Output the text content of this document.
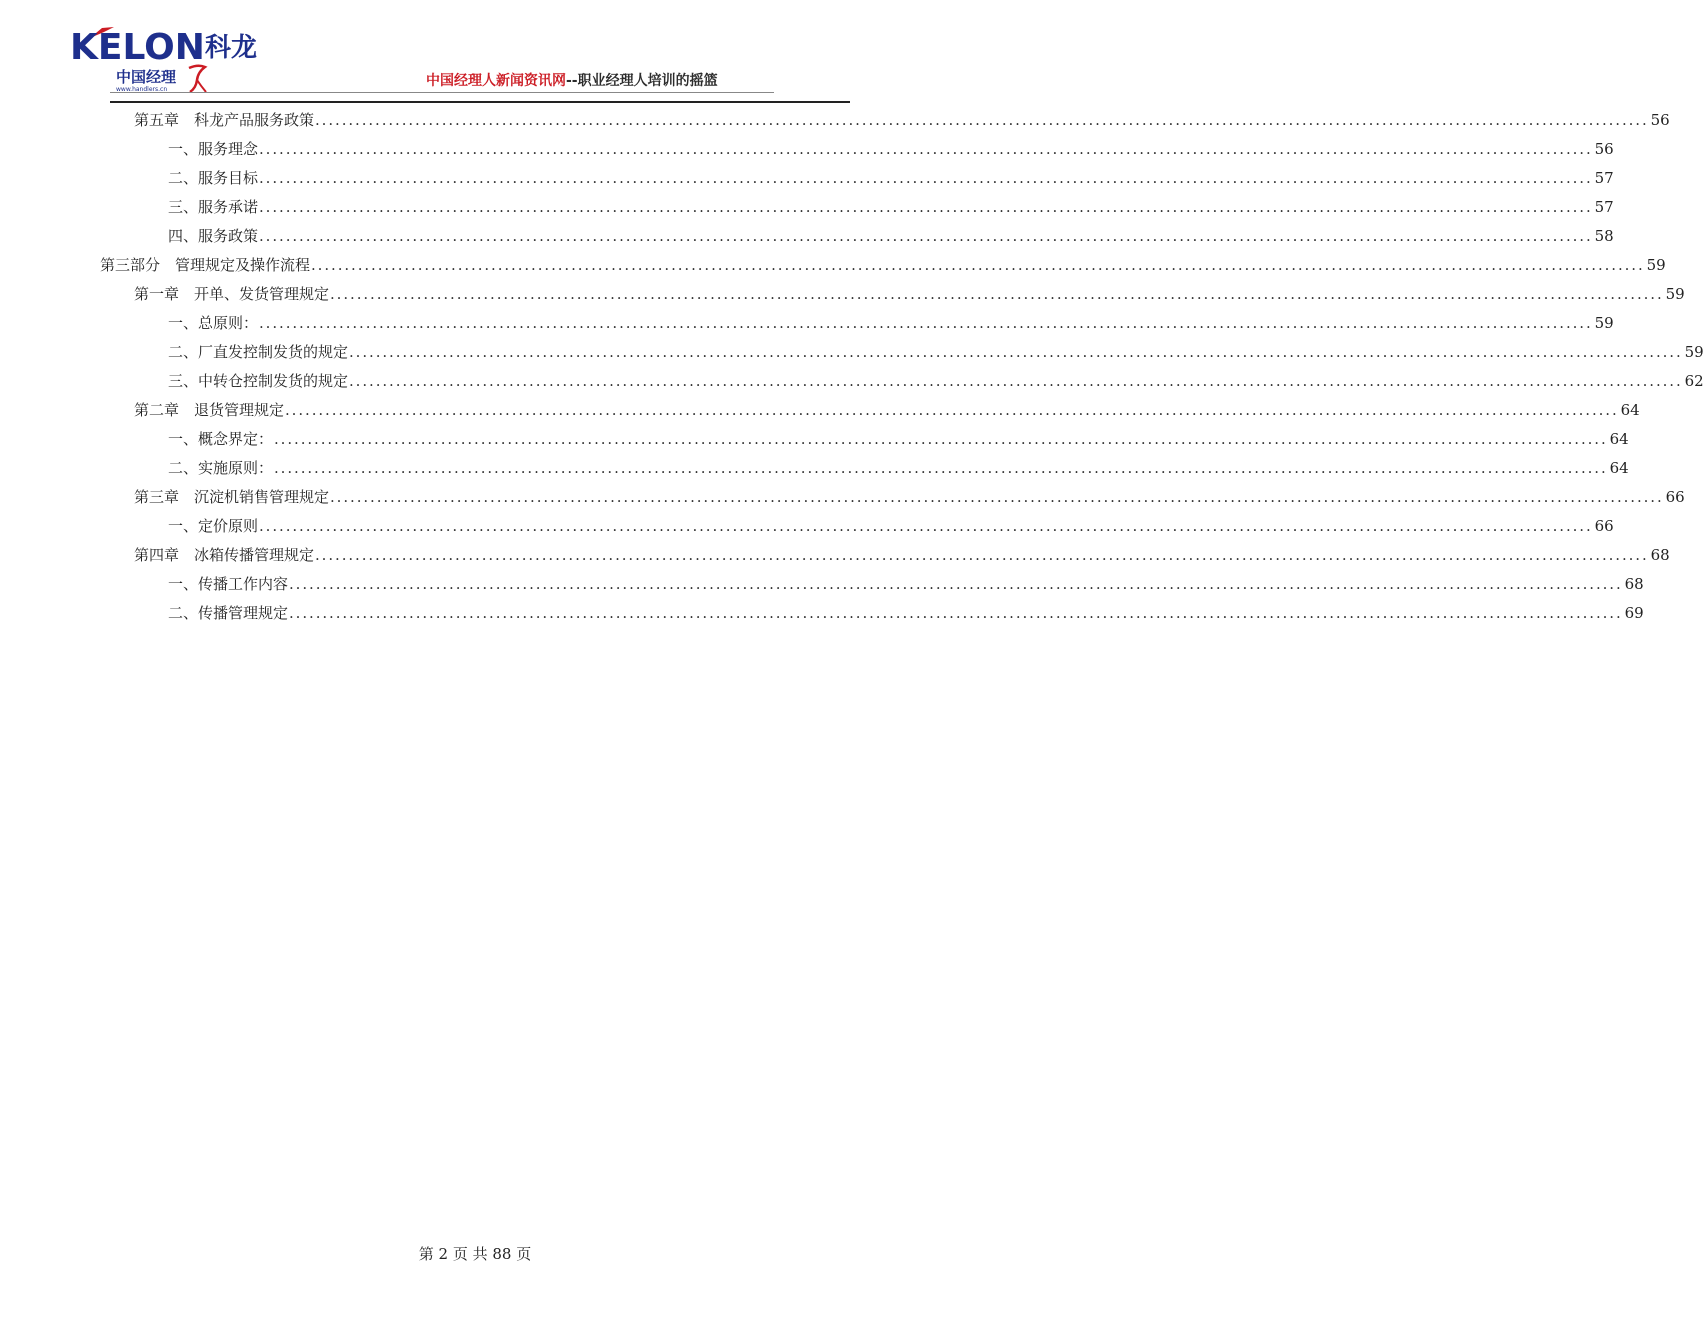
KELON 科龙
中国经理
www.handlers.cn
中国经理人新闻资讯网--职业经理人培训的摇篮
第五章　科龙产品服务政策 ........................................................................................................................................................................................................ 56
一、服务理念 ........................................................................................................................................................................................................ 56
二、服务目标 ........................................................................................................................................................................................................ 57
三、服务承诺 ........................................................................................................................................................................................................ 57
四、服务政策 ........................................................................................................................................................................................................ 58
第三部分　管理规定及操作流程 ........................................................................................................................................................................................................ 59
第一章　开单、发货管理规定 ........................................................................................................................................................................................................ 59
一、总原则： ........................................................................................................................................................................................................ 59
二、厂直发控制发货的规定 ........................................................................................................................................................................................................ 59
三、中转仓控制发货的规定 ........................................................................................................................................................................................................ 62
第二章　退货管理规定 ........................................................................................................................................................................................................ 64
一、概念界定： ........................................................................................................................................................................................................ 64
二、实施原则： ........................................................................................................................................................................................................ 64
第三章　沉淀机销售管理规定 ........................................................................................................................................................................................................ 66
一、定价原则 ........................................................................................................................................................................................................ 66
第四章　冰箱传播管理规定 ........................................................................................................................................................................................................ 68
一、传播工作内容 ........................................................................................................................................................................................................ 68
二、传播管理规定 ........................................................................................................................................................................................................ 69
第 2 页 共 88 页
